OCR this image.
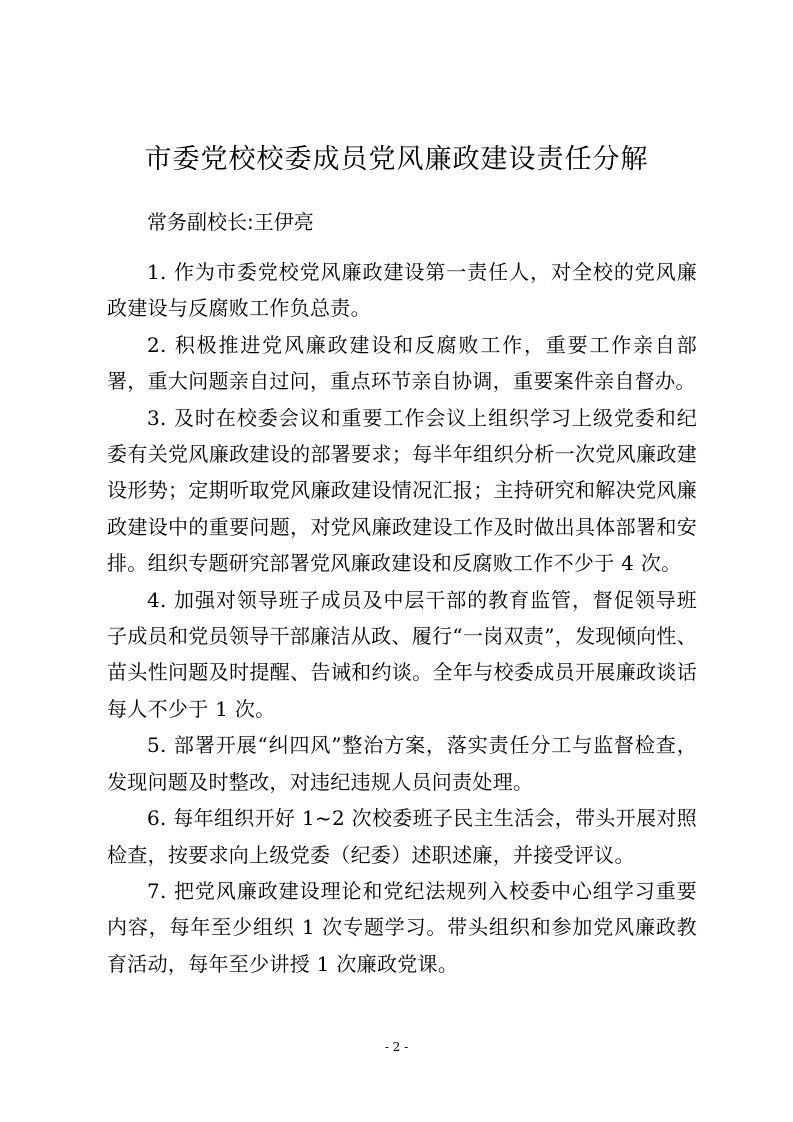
市委党校校委成员党风廉政建设责任分解

常务副校长:王伊亮

1. 作为市委党校党风廉政建设第一责任人，对全校的党风廉政建设与反腐败工作负总责。

2. 积极推进党风廉政建设和反腐败工作，重要工作亲自部署，重大问题亲自过问，重点环节亲自协调，重要案件亲自督办。

3. 及时在校委会议和重要工作会议上组织学习上级党委和纪委有关党风廉政建设的部署要求；每半年组织分析一次党风廉政建设形势；定期听取党风廉政建设情况汇报；主持研究和解决党风廉政建设中的重要问题，对党风廉政建设工作及时做出具体部署和安排。组织专题研究部署党风廉政建设和反腐败工作不少于 4 次。

4. 加强对领导班子成员及中层干部的教育监管，督促领导班子成员和党员领导干部廉洁从政、履行“一岗双责”，发现倾向性、苗头性问题及时提醒、告诫和约谈。全年与校委成员开展廉政谈话每人不少于 1 次。

5. 部署开展“纠四风”整治方案，落实责任分工与监督检查，发现问题及时整改，对违纪违规人员问责处理。

6. 每年组织开好 1~2 次校委班子民主生活会，带头开展对照检查，按要求向上级党委（纪委）述职述廉，并接受评议。

7. 把党风廉政建设理论和党纪法规列入校委中心组学习重要内容，每年至少组织 1 次专题学习。带头组织和参加党风廉政教育活动，每年至少讲授 1 次廉政党课。

- 2 -
